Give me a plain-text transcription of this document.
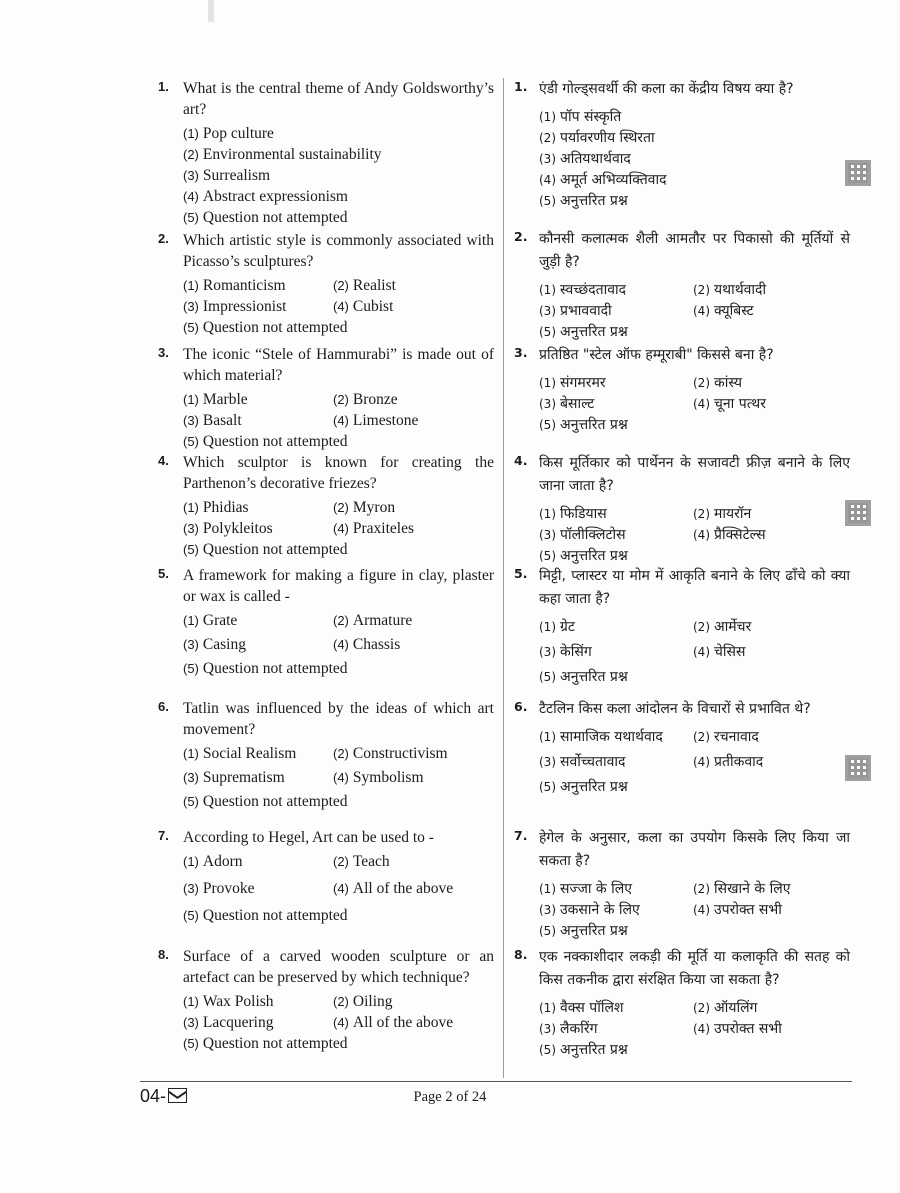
1. What is the central theme of Andy Goldsworthy’s art?
(1) Pop culture
(2) Environmental sustainability
(3) Surrealism
(4) Abstract expressionism
(5) Question not attempted
2. Which artistic style is commonly associated with Picasso’s sculptures?
(1) Romanticism	(2) Realist
(3) Impressionist	(4) Cubist
(5) Question not attempted
3. The iconic “Stele of Hammurabi” is made out of which material?
(1) Marble	(2) Bronze
(3) Basalt	(4) Limestone
(5) Question not attempted
4. Which sculptor is known for creating the Parthenon’s decorative friezes?
(1) Phidias	(2) Myron
(3) Polykleitos	(4) Praxiteles
(5) Question not attempted
5. A framework for making a figure in clay, plaster or wax is called -
(1) Grate	(2) Armature
(3) Casing	(4) Chassis
(5) Question not attempted
6. Tatlin was influenced by the ideas of which art movement?
(1) Social Realism	(2) Constructivism
(3) Suprematism	(4) Symbolism
(5) Question not attempted
7. According to Hegel, Art can be used to -
(1) Adorn	(2) Teach
(3) Provoke	(4) All of the above
(5) Question not attempted
8. Surface of a carved wooden sculpture or an artefact can be preserved by which technique?
(1) Wax Polish	(2) Oiling
(3) Lacquering	(4) All of the above
(5) Question not attempted
1. एंडी गोल्ड्सवर्थी की कला का केंद्रीय विषय क्या है?
(1) पॉप संस्कृति
(2) पर्यावरणीय स्थिरता
(3) अतियथार्थवाद
(4) अमूर्त अभिव्यक्तिवाद
(5) अनुत्तरित प्रश्न
2. कौनसी कलात्मक शैली आमतौर पर पिकासो की मूर्तियों से जुड़ी है?
(1) स्वच्छंदतावाद	(2) यथार्थवादी
(3) प्रभाववादी	(4) क्यूबिस्ट
(5) अनुत्तरित प्रश्न
3. प्रतिष्ठित "स्टेल ऑफ हम्मूराबी" किससे बना है?
(1) संगमरमर	(2) कांस्य
(3) बेसाल्ट	(4) चूना पत्थर
(5) अनुत्तरित प्रश्न
4. किस मूर्तिकार को पार्थेनन के सजावटी फ्रीज़ बनाने के लिए जाना जाता है?
(1) फिडियास	(2) मायरॉन
(3) पॉलीक्लिटोस	(4) प्रैक्सिटेल्स
(5) अनुत्तरित प्रश्न
5. मिट्टी, प्लास्टर या मोम में आकृति बनाने के लिए ढाँचे को क्या कहा जाता है?
(1) ग्रेट	(2) आर्मेचर
(3) केसिंग	(4) चेसिस
(5) अनुत्तरित प्रश्न
6. टैटलिन किस कला आंदोलन के विचारों से प्रभावित थे?
(1) सामाजिक यथार्थवाद	(2) रचनावाद
(3) सर्वोच्चतावाद	(4) प्रतीकवाद
(5) अनुत्तरित प्रश्न
7. हेगेल के अनुसार, कला का उपयोग किसके लिए किया जा सकता है?
(1) सज्जा के लिए	(2) सिखाने के लिए
(3) उकसाने के लिए	(4) उपरोक्त सभी
(5) अनुत्तरित प्रश्न
8. एक नक्काशीदार लकड़ी की मूर्ति या कलाकृति की सतह को किस तकनीक द्वारा संरक्षित किया जा सकता है?
(1) वैक्स पॉलिश	(2) ऑयलिंग
(3) लैकरिंग	(4) उपरोक्त सभी
(5) अनुत्तरित प्रश्न
04-	Page 2 of 24
